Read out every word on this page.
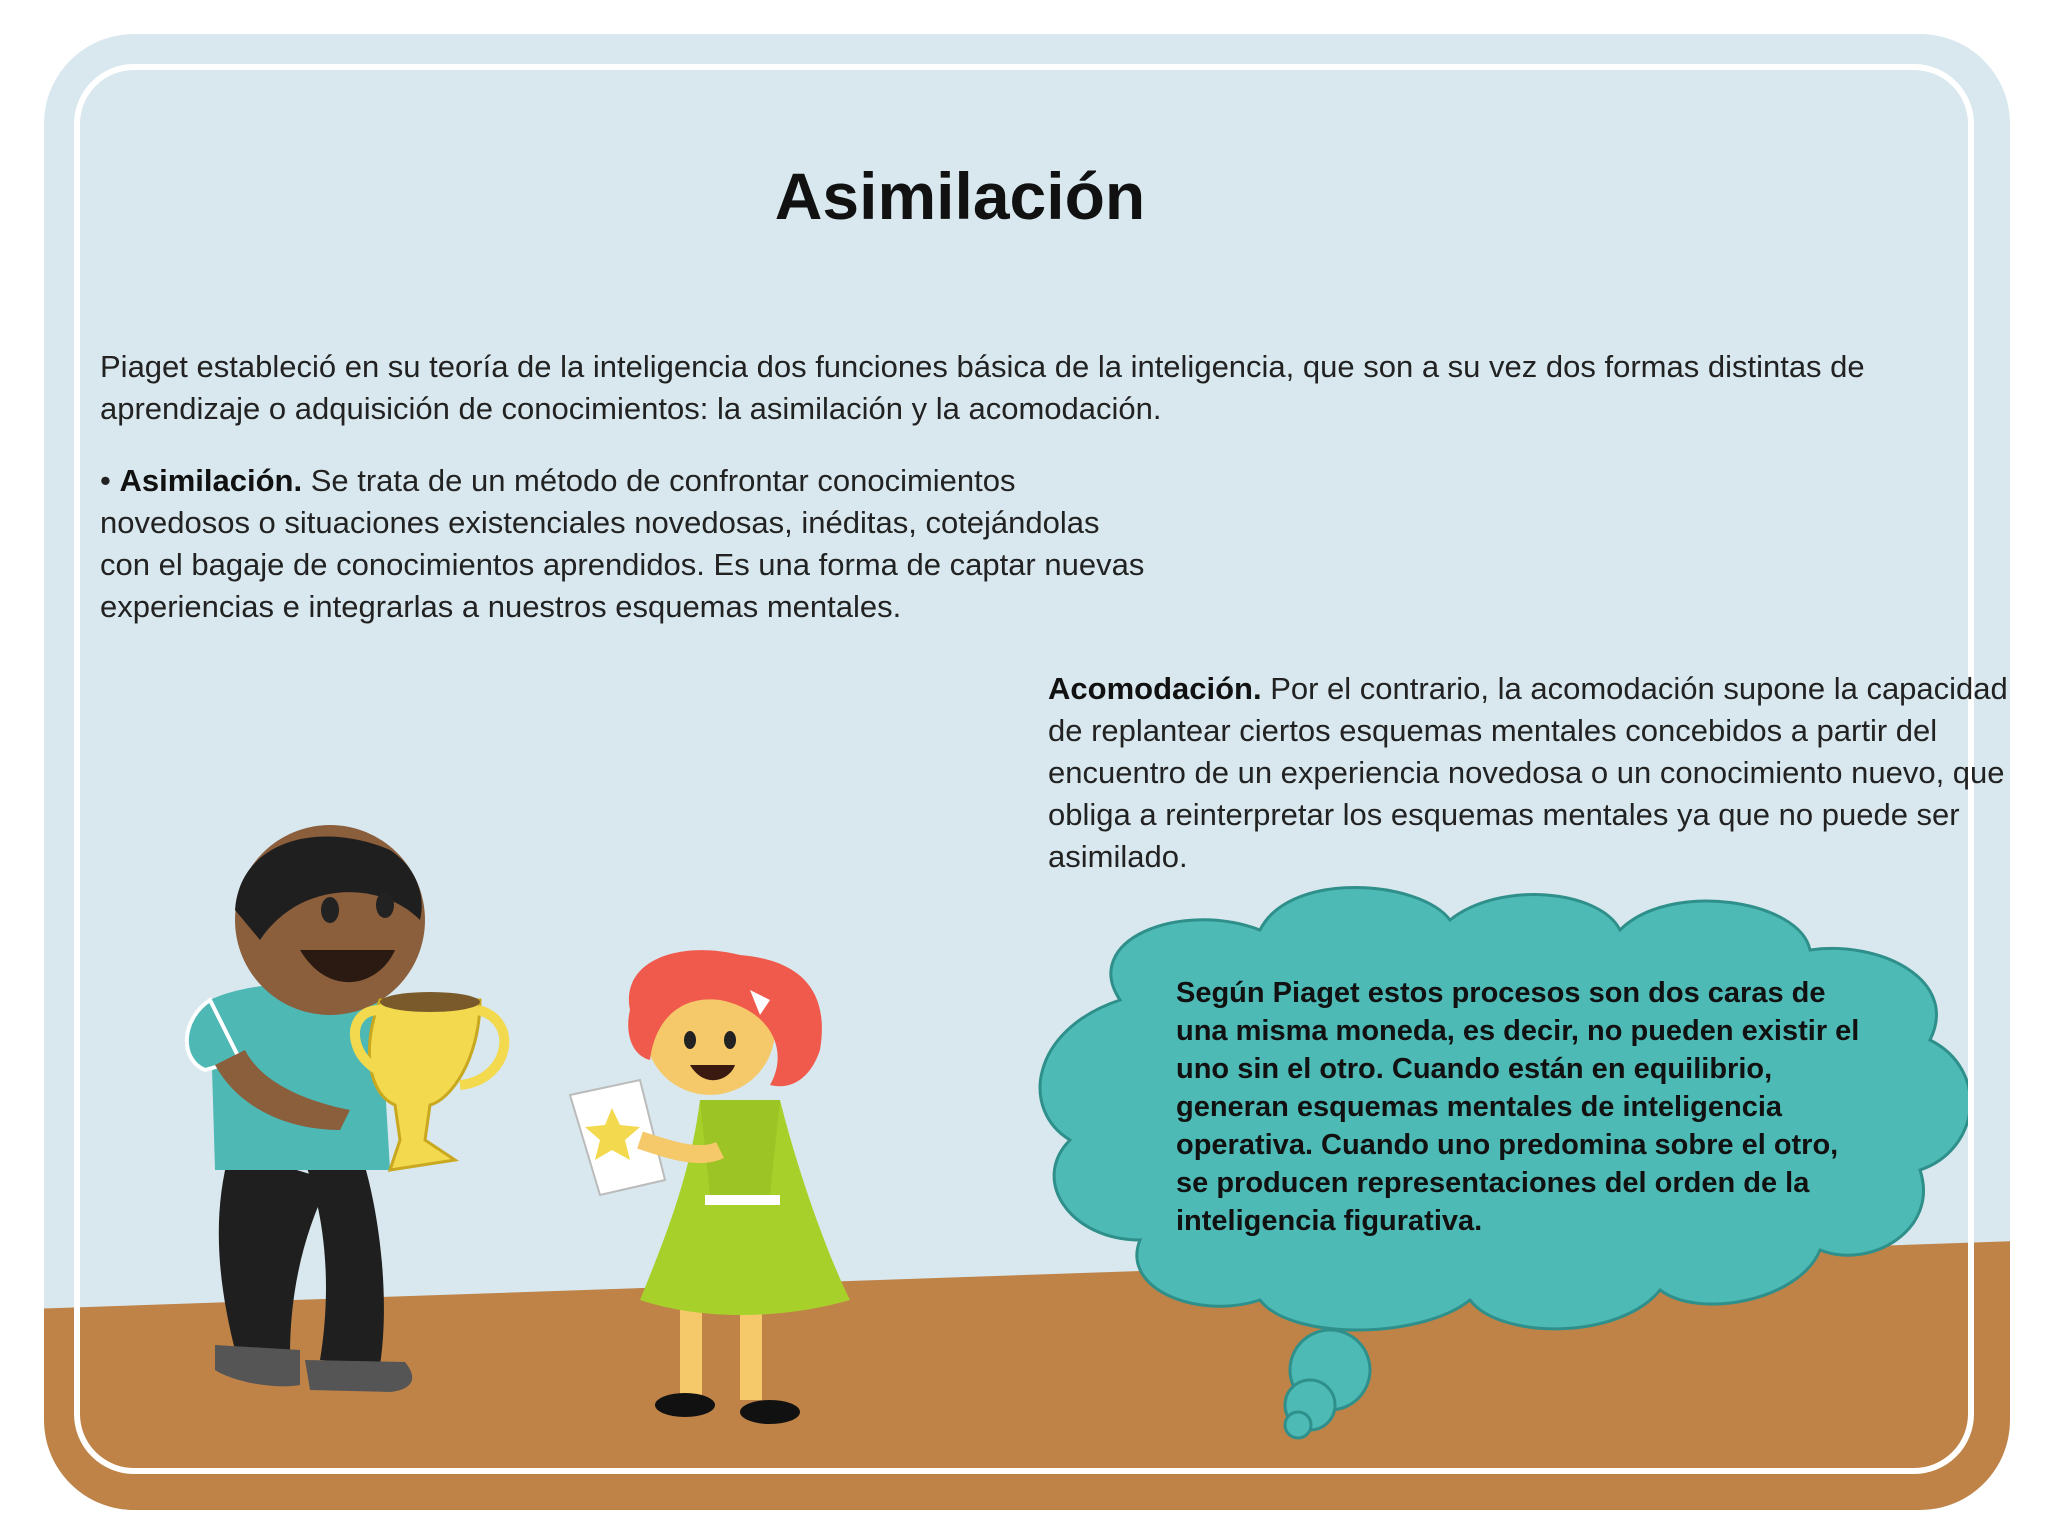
Asimilación
Piaget estableció en su teoría de la inteligencia dos funciones básica de la inteligencia, que son a su vez dos formas distintas de aprendizaje o adquisición de conocimientos: la asimilación y la acomodación.
• Asimilación. Se trata de un método de confrontar conocimientos novedosos o situaciones existenciales novedosas, inéditas, cotejándolas con el bagaje de conocimientos aprendidos. Es una forma de captar nuevas experiencias e integrarlas a nuestros esquemas mentales.
Acomodación. Por el contrario, la acomodación supone la capacidad de replantear ciertos esquemas mentales concebidos a partir del encuentro de un experiencia novedosa o un conocimiento nuevo, que obliga a reinterpretar los esquemas mentales ya que no puede ser asimilado.
Según Piaget estos procesos son dos caras de una misma moneda, es decir, no pueden existir el uno sin el otro. Cuando están en equilibrio, generan esquemas mentales de inteligencia operativa. Cuando uno predomina sobre el otro, se producen representaciones del orden de la inteligencia figurativa.
